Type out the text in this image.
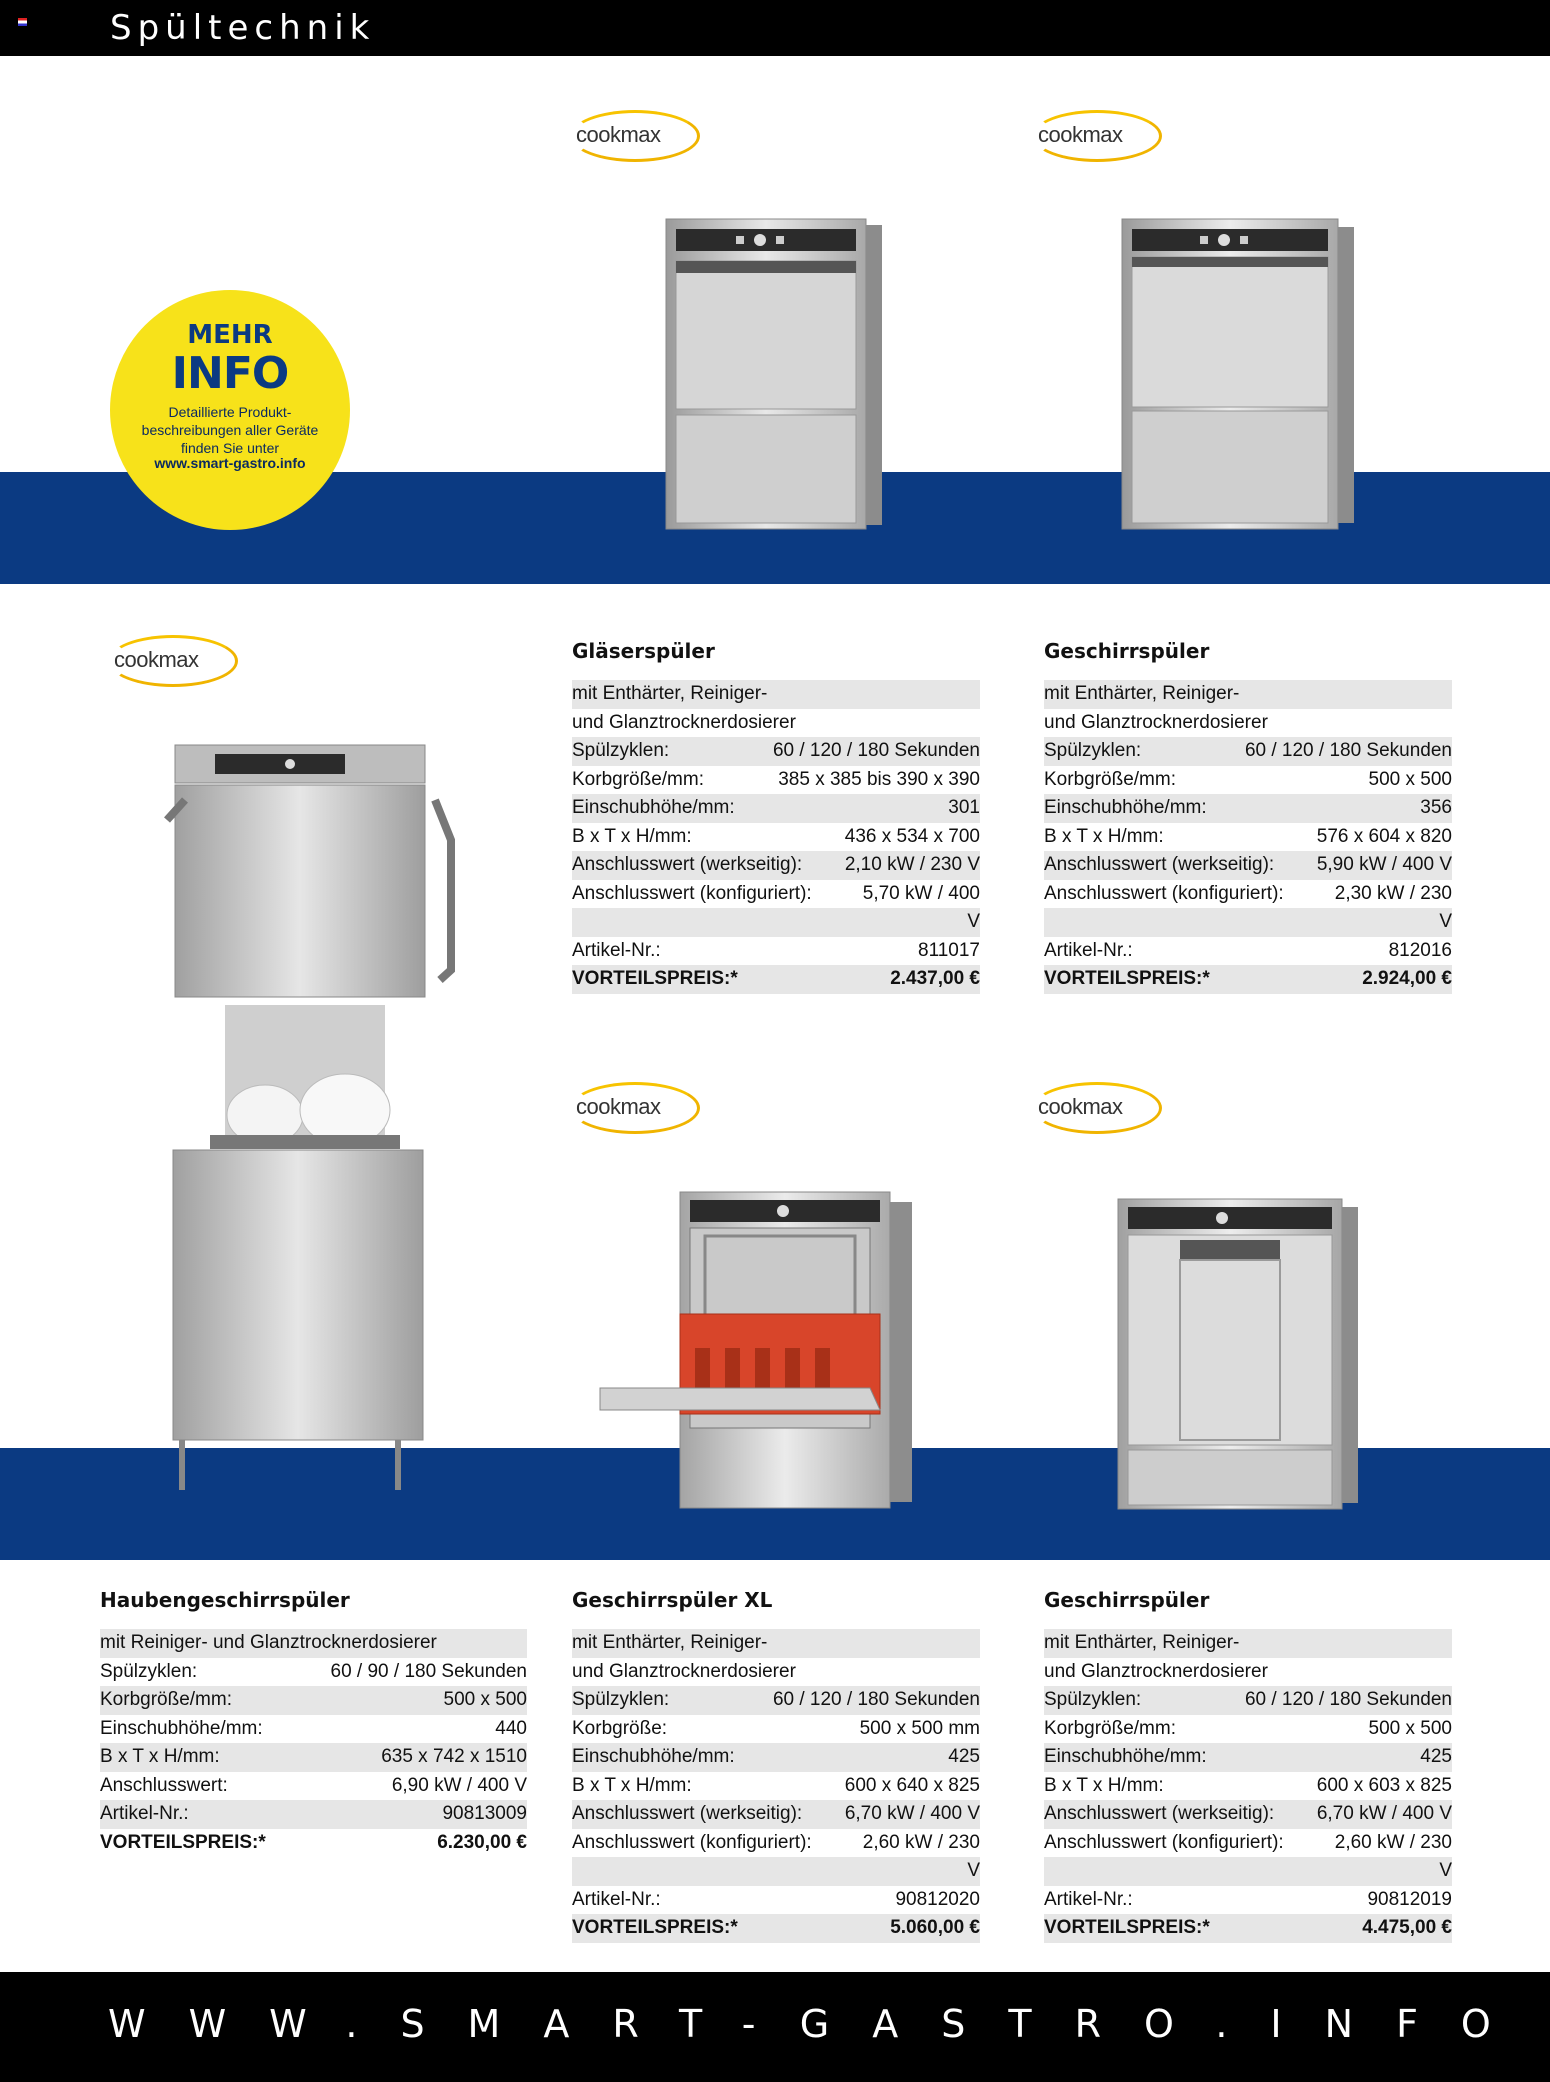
Spültechnik
MEHR
INFO
Detaillierte Produkt-beschreibungen aller Geräte finden Sie unter
www.smart-gastro.info
cookmax	cookmax
cookmax
cookmax	cookmax
Gläserspüler
mit Enthärter, Reiniger-
und Glanztrocknerdosierer
Spülzyklen:	60 / 120 / 180 Sekunden
Korbgröße/mm:	385 x 385 bis 390 x 390
Einschubhöhe/mm:	301
B x T x H/mm:	436 x 534 x 700
Anschlusswert (werkseitig): 2,10 kW / 230 V
Anschlusswert (konfiguriert):	5,70 kW / 400
V
Artikel-Nr.:	811017
VORTEILSPREIS:*	2.437,00 €
Geschirrspüler
mit Enthärter, Reiniger-
und Glanztrocknerdosierer
Spülzyklen:	60 / 120 / 180 Sekunden
Korbgröße/mm:	500 x 500
Einschubhöhe/mm:	356
B x T x H/mm:	576 x 604 x 820
Anschlusswert (werkseitig): 5,90 kW / 400 V
Anschlusswert (konfiguriert):	2,30 kW / 230
V
Artikel-Nr.:	812016
VORTEILSPREIS:*	2.924,00 €
Haubengeschirrspüler
mit Reiniger- und Glanztrocknerdosierer
Spülzyklen:	60 / 90 / 180 Sekunden
Korbgröße/mm:	500 x 500
Einschubhöhe/mm:	440
B x T x H/mm:	635 x 742 x 1510
Anschlusswert:	6,90 kW / 400 V
Artikel-Nr.:	90813009
VORTEILSPREIS:*	6.230,00 €
Geschirrspüler XL
mit Enthärter, Reiniger-
und Glanztrocknerdosierer
Spülzyklen:	60 / 120 / 180 Sekunden
Korbgröße:	500 x 500 mm
Einschubhöhe/mm:	425
B x T x H/mm:	600 x 640 x 825
Anschlusswert (werkseitig): 6,70 kW / 400 V
Anschlusswert (konfiguriert):	2,60 kW / 230
V
Artikel-Nr.:	90812020
VORTEILSPREIS:*	5.060,00 €
Geschirrspüler
mit Enthärter, Reiniger-
und Glanztrocknerdosierer
Spülzyklen:	60 / 120 / 180 Sekunden
Korbgröße/mm:	500 x 500
Einschubhöhe/mm:	425
B x T x H/mm:	600 x 603 x 825
Anschlusswert (werkseitig): 6,70 kW / 400 V
Anschlusswert (konfiguriert):	2,60 kW / 230
V
Artikel-Nr.:	90812019
VORTEILSPREIS:*	4.475,00 €
WWW.SMART-GASTRO.INFO
